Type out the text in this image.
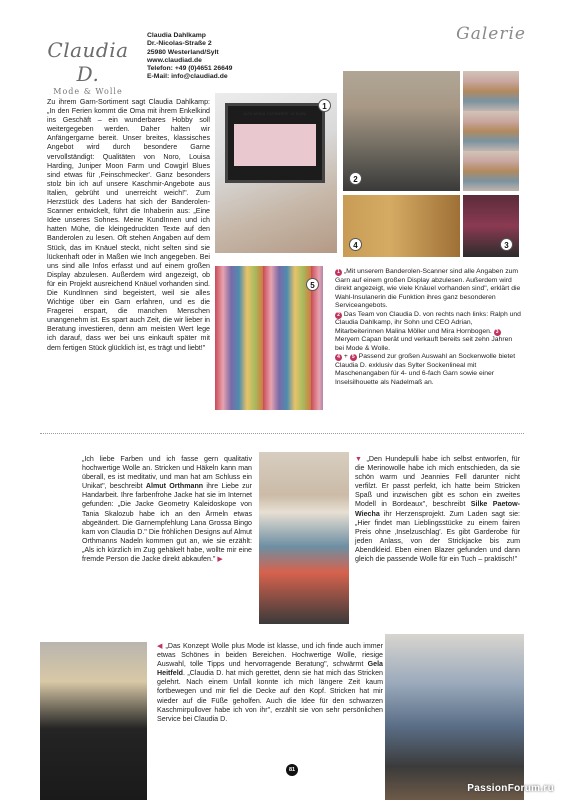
Claudia D.
Mode & Wolle
Claudia Dahlkamp
Dr.-Nicolas-Straße 2
25980 Westerland/Sylt
www.claudiad.de
Telefon: +49 (0)4651 26649
E-Mail: info@claudiad.de
Galerie
Zu ihrem Garn-Sortiment sagt Claudia Dahlkamp: „In den Ferien kommt die Oma mit ihrem Enkelkind ins Geschäft – ein wunderbares Hobby soll weitergegeben werden. Daher halten wir Anfängergarne bereit. Unser breites, klassisches Angebot wird durch besondere Garne vervollständigt: Qualitäten von Noro, Louisa Harding, Juniper Moon Farm und Cowgirl Blues sind etwas für ‚Feinschmecker'. Ganz besonders stolz bin ich auf unsere Kaschmir-Angebote aus Italien, gebrüht und unerreicht weich!". Zum Herzstück des Ladens hat sich der Banderolen-Scanner entwickelt, führt die Inhaberin aus: „Eine Idee unseres Sohnes. Meine KundInnen und ich hatten Mühe, die kleingedruckten Texte auf den Banderolen zu lesen. Oft stehen Angaben auf dem Stück, das im Knäuel steckt, nicht selten sind sie lückenhaft oder in Maßen wie Inch angegeben. Bei uns sind alle Infos erfasst und auf einem großen Display abzulesen. Außerdem wird angezeigt, ob für ein Projekt ausreichend Knäuel vorhanden sind. Die KundInnen sind begeistert, weil sie alles Wichtige über ein Garn erfahren, und es die Fragerei erspart, die manchen Menschen unangenehm ist. Es spart auch Zeit, die wir lieber in Beratung investieren, denn am meisten Wert lege ich darauf, dass wer bei uns einkauft später mit dem fertigen Stück glücklich ist, es trägt und liebt!"
ALTA MODA CASHMERE 16 SUBA
1
2
4	3
5

1 „Mit unserem Banderolen-Scanner sind alle Angaben zum Garn auf einem großen Display abzulesen. Außerdem wird direkt angezeigt, wie viele Knäuel vorhanden sind", erklärt die Wahl-Insulanerin die Funktion ihres ganz besonderen Serviceangebots.

2 Das Team von Claudia D. von rechts nach links: Ralph und Claudia Dahlkamp, ihr Sohn und CEO Adrian, Mitarbeiterinnen Malina Möller und Mira Hornbogen. 3 Meryem Capan berät und verkauft bereits seit zehn Jahren bei Mode & Wolle.

4 + 5 Passend zur großen Auswahl an Sockenwolle bietet Claudia D. exklusiv das Sylter Sockenlineal mit Maschenangaben für 4- und 6-fach Garn sowie einer Inselsilhouette als Nadelmaß an.

„Ich liebe Farben und ich fasse gern qualitativ hochwertige Wolle an. Stricken und Häkeln kann man überall, es ist meditativ, und man hat am Schluss ein Unikat", beschreibt Almut Orthmann ihre Liebe zur Handarbeit. Ihre farbenfrohe Jacke hat sie im Internet gefunden: „Die Jacke Geometry Kaleidoskope von Tania Skalozub habe ich an den Ärmeln etwas abgeändert. Die Garnempfehlung Lana Grossa Bingo kam von Claudia D." Die fröhlichen Designs auf Almut Orthmanns Nadeln kommen gut an, wie sie erzählt: „Als ich kürzlich im Zug gehäkelt habe, wollte mir eine fremde Person die Jacke direkt abkaufen." ▶
▼ „Den Hundepulli habe ich selbst entworfen, für die Merinowolle habe ich mich entschieden, da sie schön warm und Jeannies Fell darunter nicht verfilzt. Er passt perfekt, ich hatte beim Stricken Spaß und inzwischen gibt es schon ein zweites Modell in Bordeaux", beschreibt Silke Paetow-Wiecha ihr Herzensprojekt. Zum Laden sagt sie: „Hier findet man Lieblingsstücke zu einem fairen Preis ohne ‚Inselzuschlag'. Es gibt Garderobe für jeden Anlass, von der Strickjacke bis zum Abendkleid. Eben einen Blazer gefunden und dann gleich die passende Wolle für ein Tuch – praktisch!"
◀ „Das Konzept Wolle plus Mode ist klasse, und ich finde auch immer etwas Schönes in beiden Bereichen. Hochwertige Wolle, riesige Auswahl, tolle Tipps und hervorragende Beratung", schwärmt Gela Heitfeld. „Claudia D. hat mich gerettet, denn sie hat mich das Stricken gelehrt. Nach einem Unfall konnte ich mich längere Zeit kaum fortbewegen und mir fiel die Decke auf den Kopf. Stricken hat mir wieder auf die Füße geholfen. Auch die Idee für den schwarzen Kaschmirpullover habe ich von ihr", erzählt sie von sehr persönlichen Service bei Claudia D.
81
PassionForum.ru
